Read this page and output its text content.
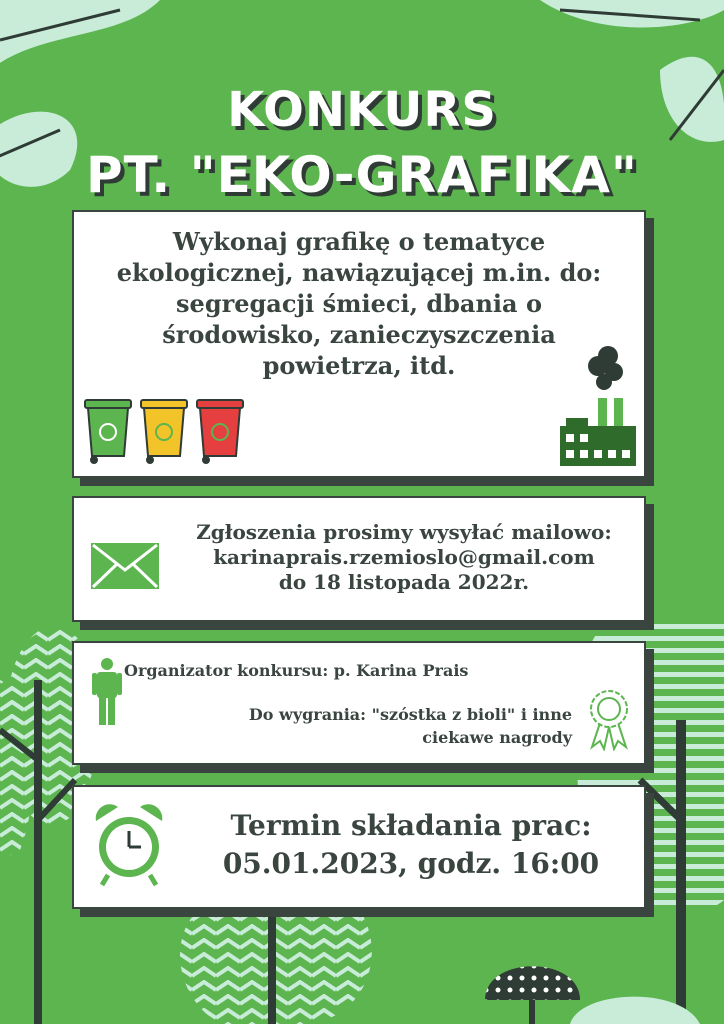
KONKURS
PT. "EKO-GRAFIKA"
Wykonaj grafikę o tematyce
ekologicznej, nawiązującej m.in. do:
segregacji śmieci, dbania o
środowisko, zanieczyszczenia
powietrza, itd.
Zgłoszenia prosimy wysyłać mailowo:
karinaprais.rzemioslo@gmail.com
do 18 listopada 2022r.
Organizator konkursu: p. Karina Prais
Do wygrania: "szóstka z bioli" i inne
ciekawe nagrody
Termin składania prac:
05.01.2023, godz. 16:00
